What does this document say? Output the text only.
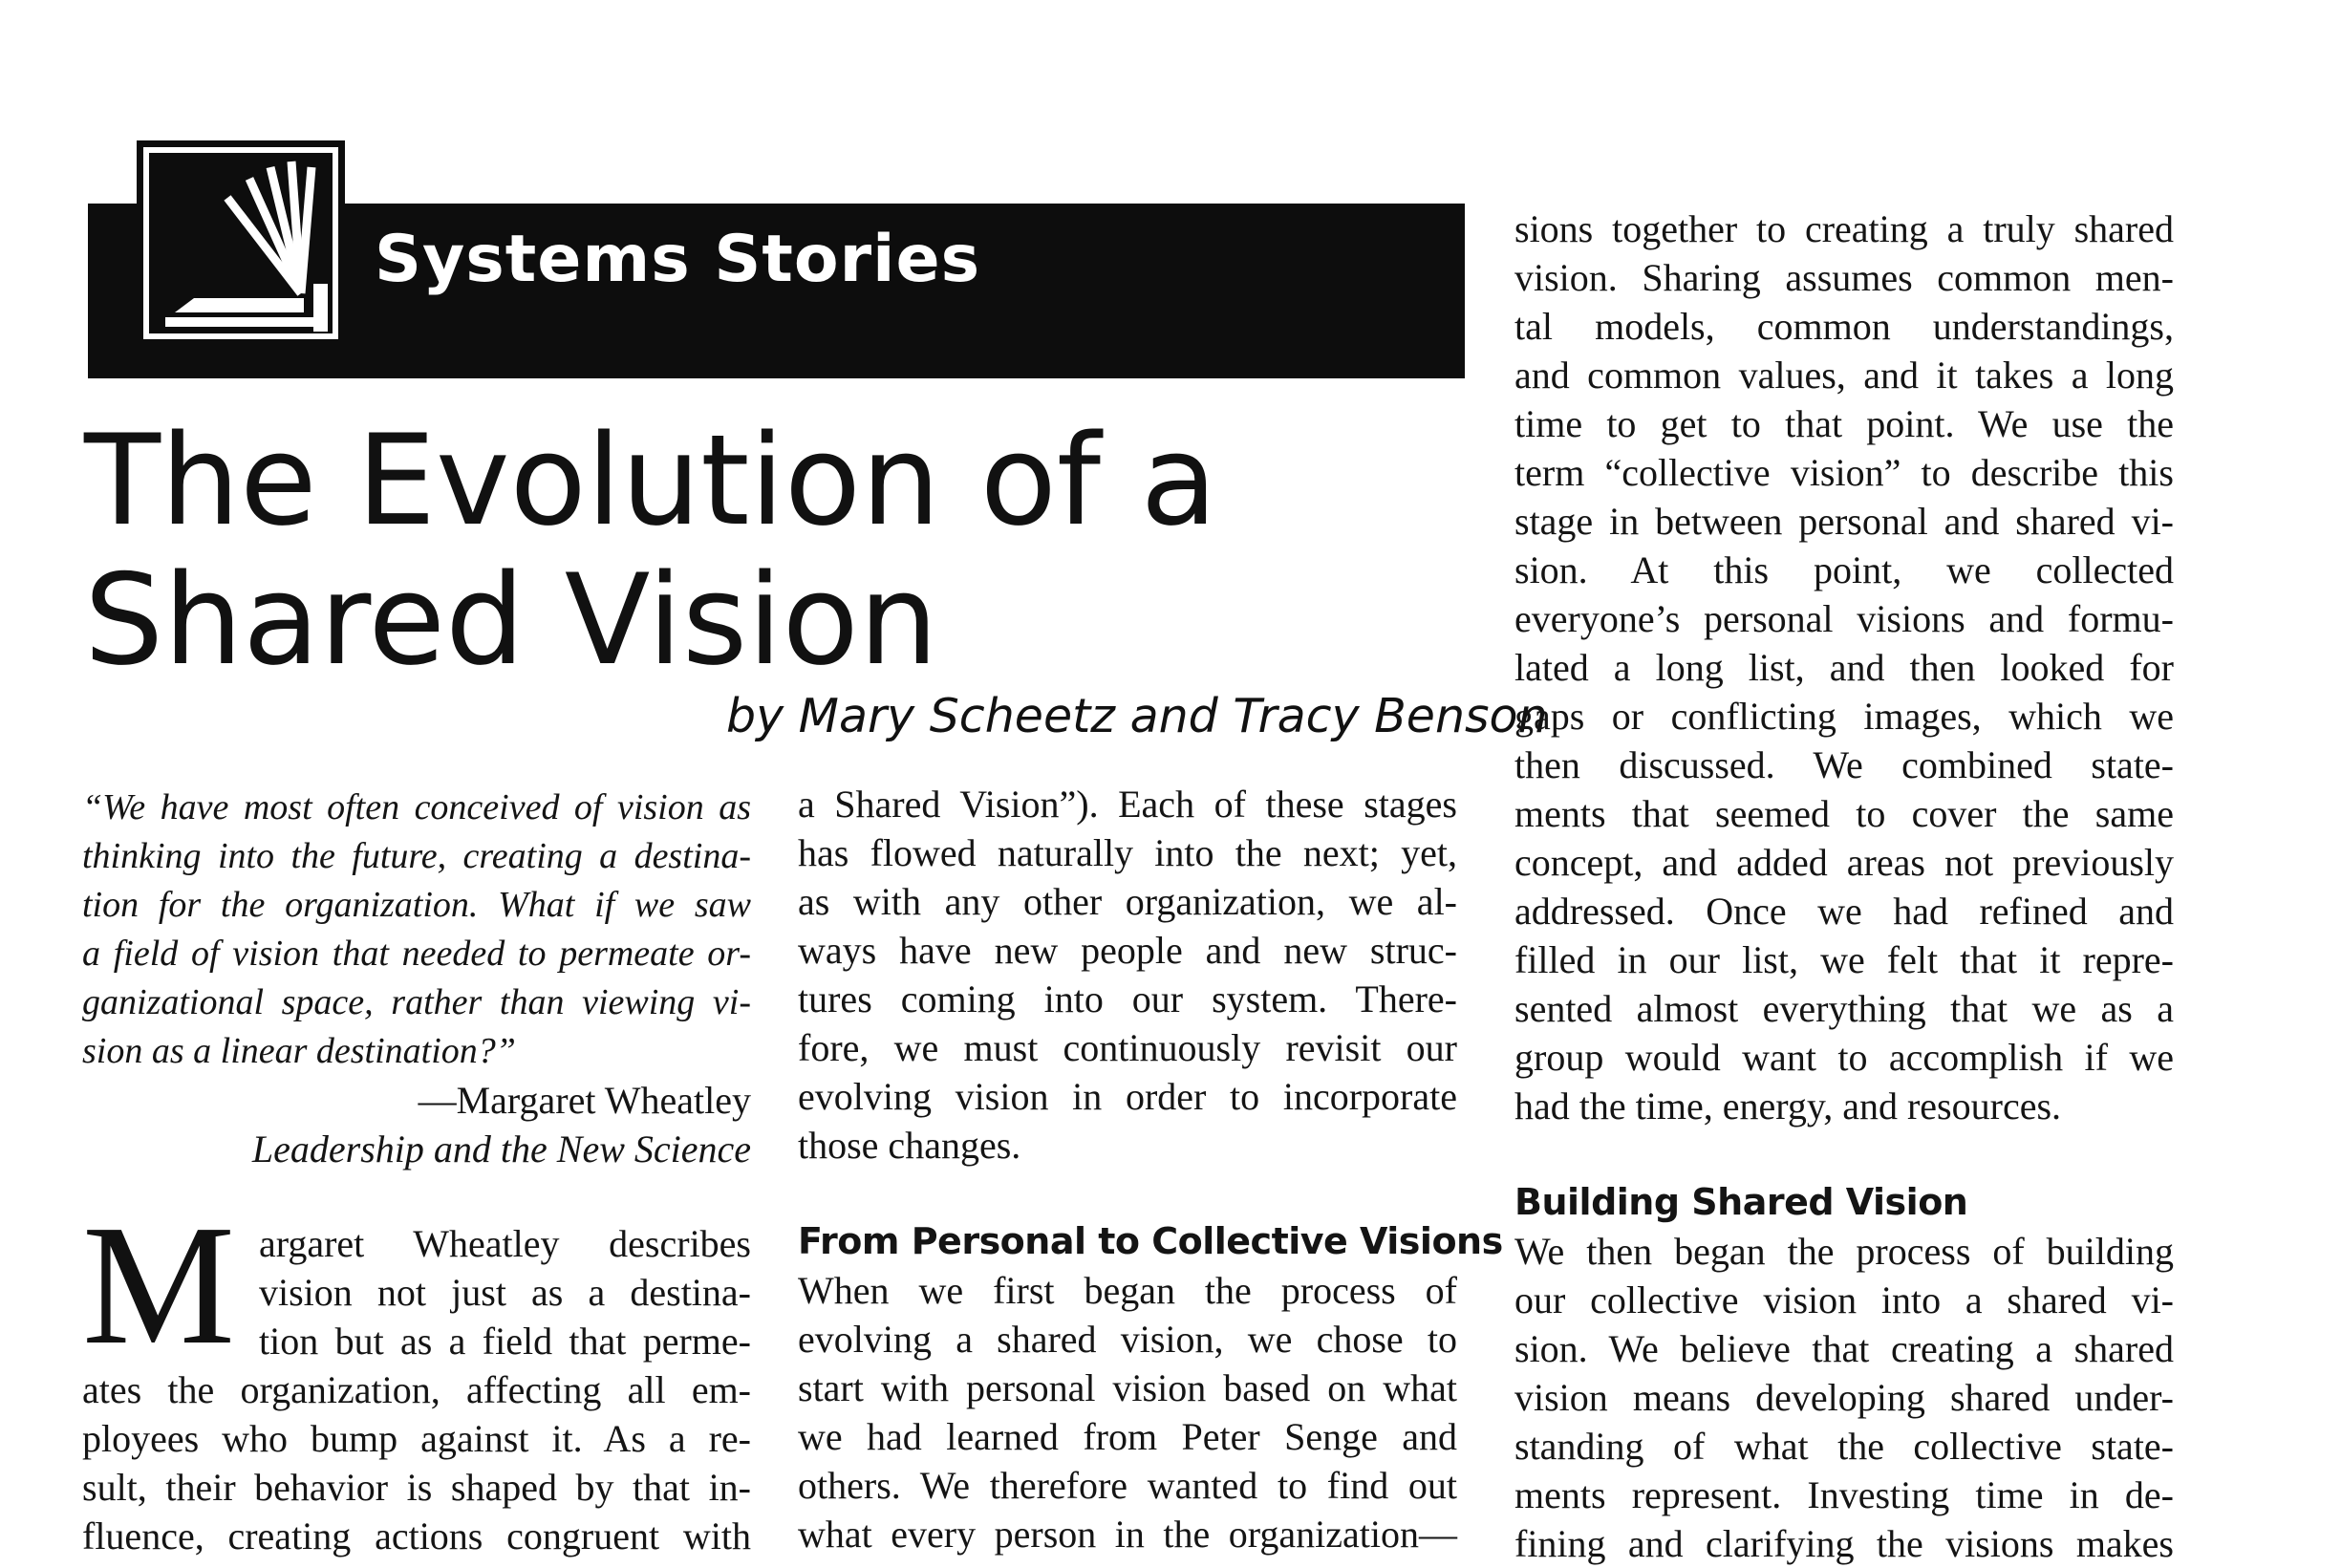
Systems Stories
The Evolution of a
Shared Vision
by Mary Scheetz and Tracy Benson
“We have most often conceived of vision as
thinking into the future, creating a destina-
tion for the organization. What if we saw
a field of vision that needed to permeate or-
ganizational space, rather than viewing vi-
sion as a linear destination?”
—Margaret Wheatley
Leadership and the New Science
M argaret Wheatley describes
vision not just as a destina-
tion but as a field that perme-
ates the organization, affecting all em-
ployees who bump against it. As a re-
sult, their behavior is shaped by that in-
fluence, creating actions congruent with
a Shared Vision”). Each of these stages
has flowed naturally into the next; yet,
as with any other organization, we al-
ways have new people and new struc-
tures coming into our system. There-
fore, we must continuously revisit our
evolving vision in order to incorporate
those changes.
From Personal to Collective Visions
When we first began the process of
evolving a shared vision, we chose to
start with personal vision based on what
we had learned from Peter Senge and
others. We therefore wanted to find out
what every person in the organization—
sions together to creating a truly shared
vision. Sharing assumes common men-
tal models, common understandings,
and common values, and it takes a long
time to get to that point. We use the
term “collective vision” to describe this
stage in between personal and shared vi-
sion. At this point, we collected
everyone’s personal visions and formu-
lated a long list, and then looked for
gaps or conflicting images, which we
then discussed. We combined state-
ments that seemed to cover the same
concept, and added areas not previously
addressed. Once we had refined and
filled in our list, we felt that it repre-
sented almost everything that we as a
group would want to accomplish if we
had the time, energy, and resources.
Building Shared Vision
We then began the process of building
our collective vision into a shared vi-
sion. We believe that creating a shared
vision means developing shared under-
standing of what the collective state-
ments represent. Investing time in de-
fining and clarifying the visions makes
